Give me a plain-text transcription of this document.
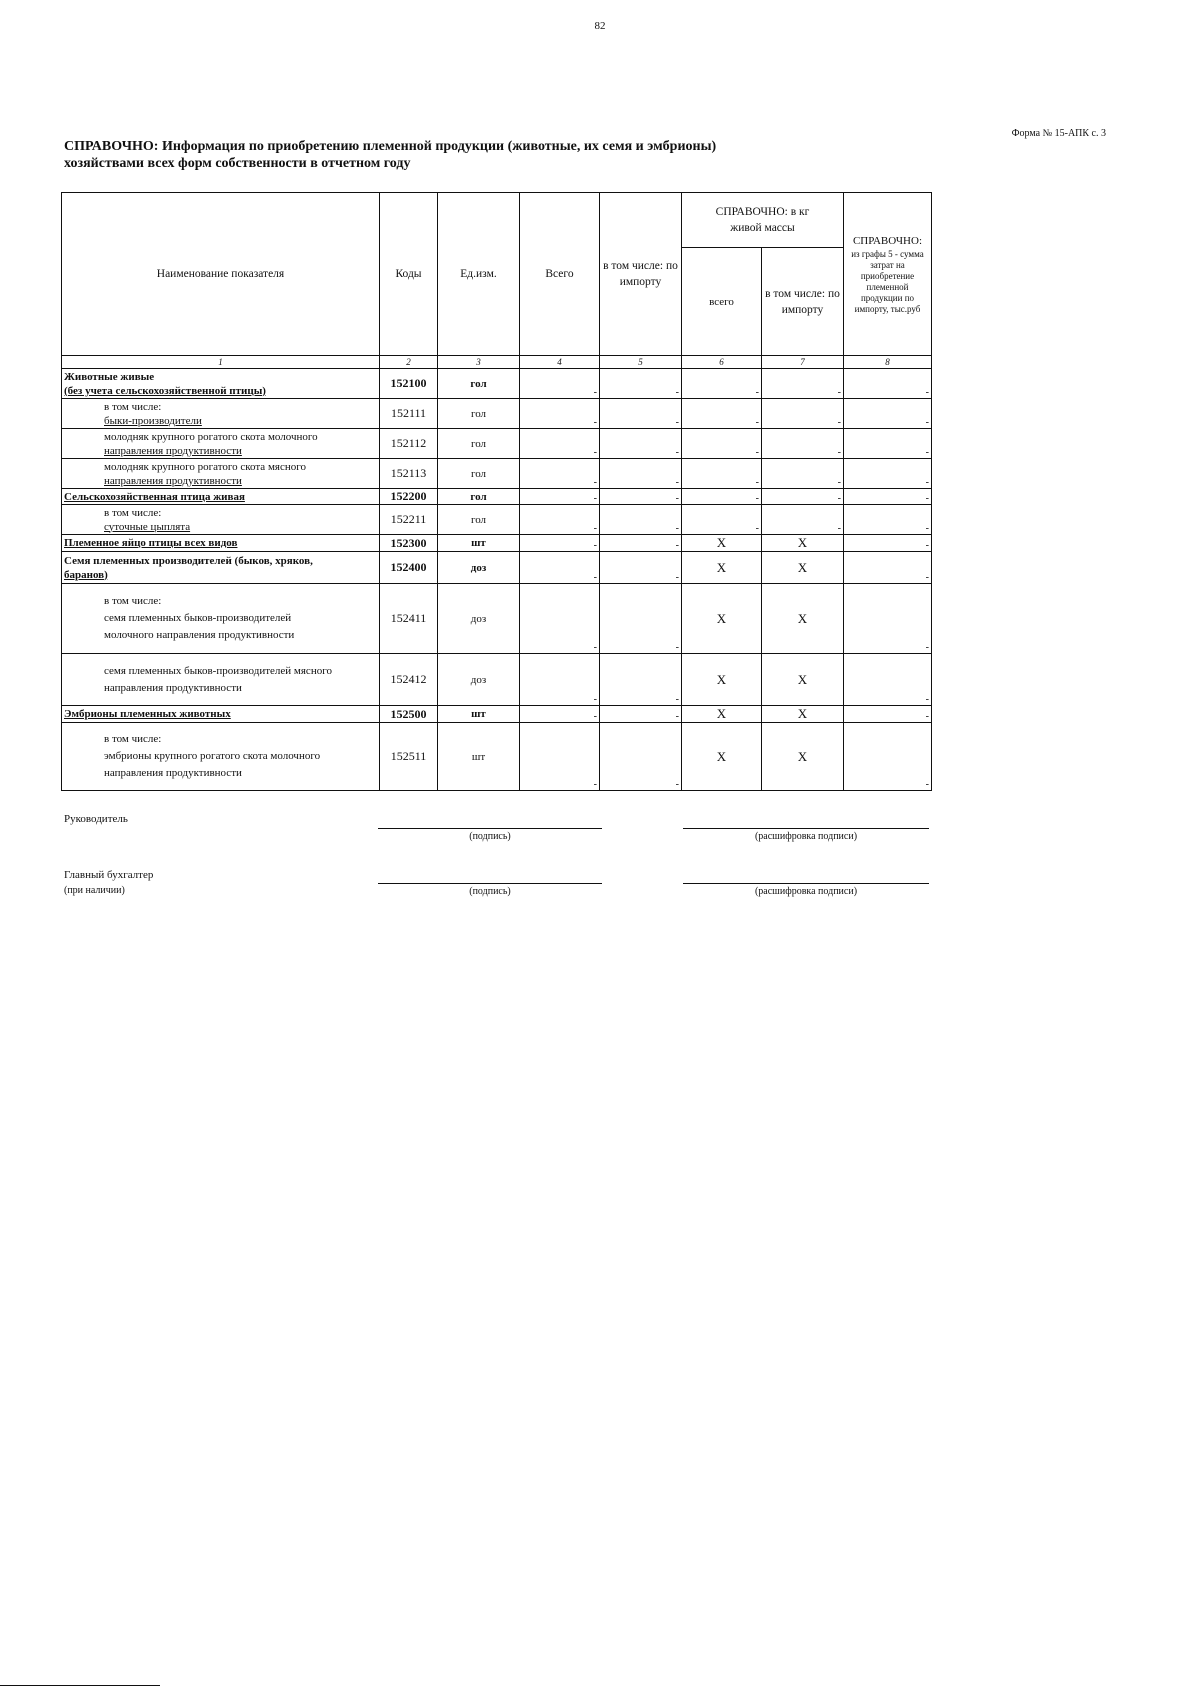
82
Форма № 15-АПК с. 3
СПРАВОЧНО: Информация по приобретению племенной продукции (животные, их семя и эмбрионы)
хозяйствами всех форм собственности в отчетном году
Наименование показателя	Коды	Ед.изм.	Всего	в том числе: по импорту	СПРАВОЧНО: в кг живой массы		СПРАВОЧНО:
из графы 5 - сумма затрат на приобретение племенной продукции по импорту, тыс.руб

					всего	в том числе: по импорту	
1	2	3	4	5	6	7	8

Животные живые
(без учета сельскохозяйственной птицы)	152100	гол	-	-	-	-	-

в том числе:
быки-производители	152111	гол	-	-	-	-	-

молодняк крупного рогатого скота молочного
направления продуктивности	152112	гол	-	-	-	-	-

молодняк крупного рогатого скота мясного
направления продуктивности	152113	гол	-	-	-	-	-

Сельскохозяйственная птица живая	152200	гол	-	-	-	-	-

в том числе:
суточные цыплята	152211	гол	-	-	-	-	-

Племенное яйцо птицы всех видов	152300	шт	-	-	X	X	-

Семя племенных производителей (быков, хряков,
баранов)	152400	доз	-	-	X	X	-

в том числе:
семя племенных быков-производителей
молочного направления продуктивности	152411	доз	-	-	X	X	-

семя племенных быков-производителей мясного
направления продуктивности	152412	доз	-	-	X	X	-

Эмбрионы племенных животных	152500	шт	-	-	X	X	-

в том числе:
эмбрионы крупного рогатого скота молочного
направления продуктивности	152511	шт	-	-	X	X	-
Руководитель
(подпись)	(расшифровка подписи)
Главный бухгалтер
(при наличии)	(подпись)	(расшифровка подписи)
